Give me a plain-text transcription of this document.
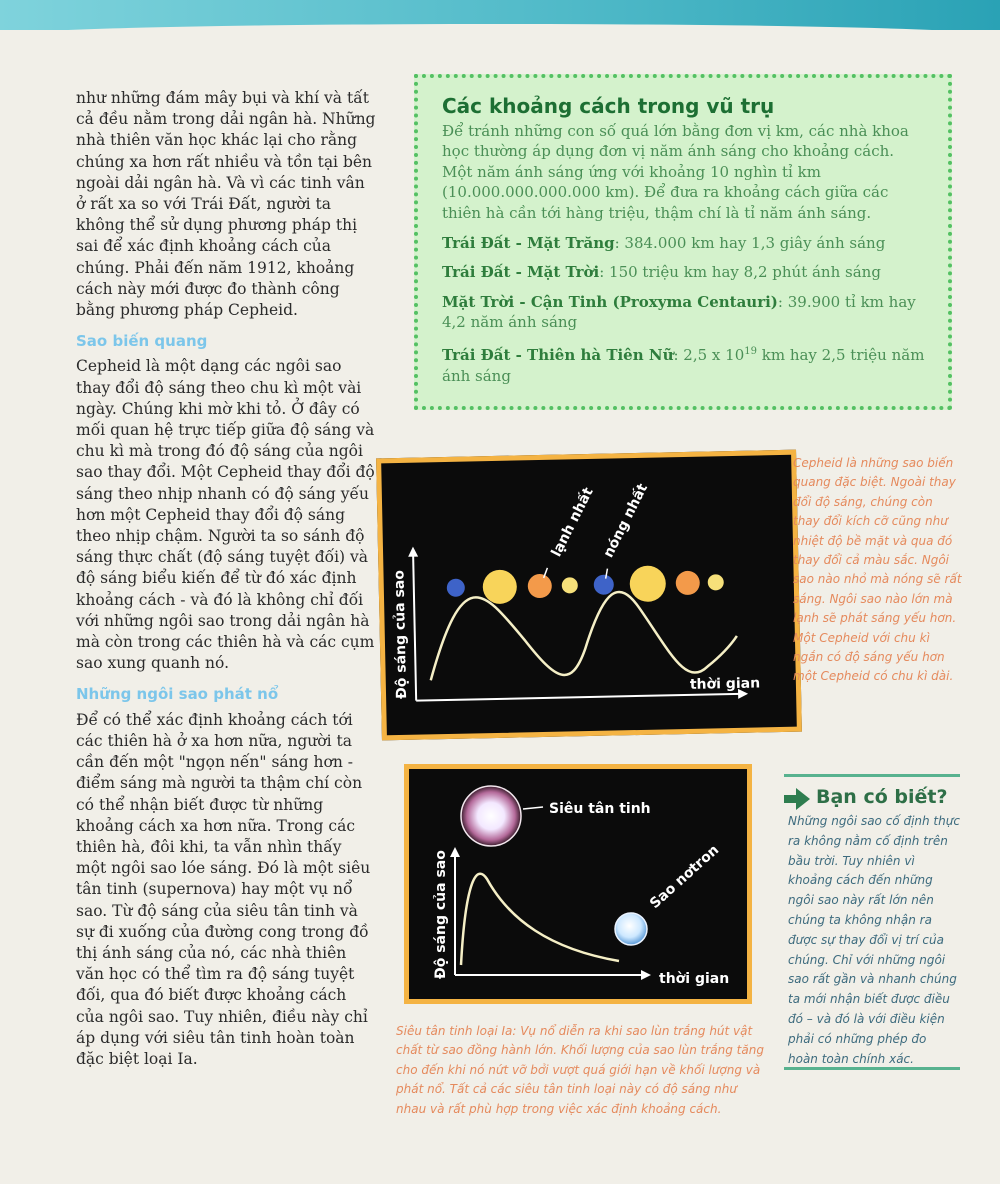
như những đám mây bụi và khí và tất cả đều nằm trong dải ngân hà. Những nhà thiên văn học khác lại cho rằng chúng xa hơn rất nhiều và tồn tại bên ngoài dải ngân hà. Và vì các tinh vân ở rất xa so với Trái Đất, người ta không thể sử dụng phương pháp thị sai để xác định khoảng cách của chúng. Phải đến năm 1912, khoảng cách này mới được đo thành công bằng phương pháp Cepheid.

Sao biến quang

Cepheid là một dạng các ngôi sao thay đổi độ sáng theo chu kì một vài ngày. Chúng khi mờ khi tỏ. Ở đây có mối quan hệ trực tiếp giữa độ sáng và chu kì mà trong đó độ sáng của ngôi sao thay đổi. Một Cepheid thay đổi độ sáng theo nhịp nhanh có độ sáng yếu hơn một Cepheid thay đổi độ sáng theo nhịp chậm. Người ta so sánh độ sáng thực chất (độ sáng tuyệt đối) và độ sáng biểu kiến để từ đó xác định khoảng cách - và đó là không chỉ đối với những ngôi sao trong dải ngân hà mà còn trong các thiên hà và các cụm sao xung quanh nó.

Những ngôi sao phát nổ

Để có thể xác định khoảng cách tới các thiên hà ở xa hơn nữa, người ta cần đến một "ngọn nến" sáng hơn - điểm sáng mà người ta thậm chí còn có thể nhận biết được từ những khoảng cách xa hơn nữa. Trong các thiên hà, đôi khi, ta vẫn nhìn thấy một ngôi sao lóe sáng. Đó là một siêu tân tinh (supernova) hay một vụ nổ sao. Từ độ sáng của siêu tân tinh và sự đi xuống của đường cong trong đồ thị ánh sáng của nó, các nhà thiên văn học có thể tìm ra độ sáng tuyệt đối, qua đó biết được khoảng cách của ngôi sao. Tuy nhiên, điều này chỉ áp dụng với siêu tân tinh hoàn toàn đặc biệt loại Ia.

Các khoảng cách trong vũ trụ

Để tránh những con số quá lớn bằng đơn vị km, các nhà khoa học thường áp dụng đơn vị năm ánh sáng cho khoảng cách. Một năm ánh sáng ứng với khoảng 10 nghìn tỉ km (10.000.000.000.000 km). Để đưa ra khoảng cách giữa các thiên hà cần tới hàng triệu, thậm chí là tỉ năm ánh sáng.

Trái Đất - Mặt Trăng: 384.000 km hay 1,3 giây ánh sáng

Trái Đất - Mặt Trời: 150 triệu km hay 8,2 phút ánh sáng

Mặt Trời - Cận Tinh (Proxyma Centauri): 39.900 tỉ km hay 4,2 năm ánh sáng

Trái Đất - Thiên hà Tiên Nữ: 2,5 x $10^{19}$ km hay 2,5 triệu năm ánh sáng

thời gian
Độ sáng của sao
lạnh nhất nóng nhất
Cepheid là những sao biến quang đặc biệt. Ngoài thay đổi độ sáng, chúng còn thay đổi kích cỡ cũng như nhiệt độ bề mặt và qua đó thay đổi cả màu sắc. Ngôi sao nào nhỏ mà nóng sẽ rất sáng. Ngôi sao nào lớn mà lạnh sẽ phát sáng yếu hơn. Một Cepheid với chu kì ngắn có độ sáng yếu hơn một Cepheid có chu kì dài.
thời gian
Độ sáng của sao
Siêu tân tinh
Sao nơtron
Siêu tân tinh loại Ia: Vụ nổ diễn ra khi sao lùn trắng hút vật chất từ sao đồng hành lớn. Khối lượng của sao lùn trắng tăng cho đến khi nó nứt vỡ bởi vượt quá giới hạn về khối lượng và phát nổ. Tất cả các siêu tân tinh loại này có độ sáng như nhau và rất phù hợp trong việc xác định khoảng cách.
Bạn có biết?
Những ngôi sao cố định thực ra không nằm cố định trên bầu trời. Tuy nhiên vì khoảng cách đến những ngôi sao này rất lớn nên chúng ta không nhận ra được sự thay đổi vị trí của chúng. Chỉ với những ngôi sao rất gần và nhanh chúng ta mới nhận biết được điều đó – và đó là với điều kiện phải có những phép đo hoàn toàn chính xác.
